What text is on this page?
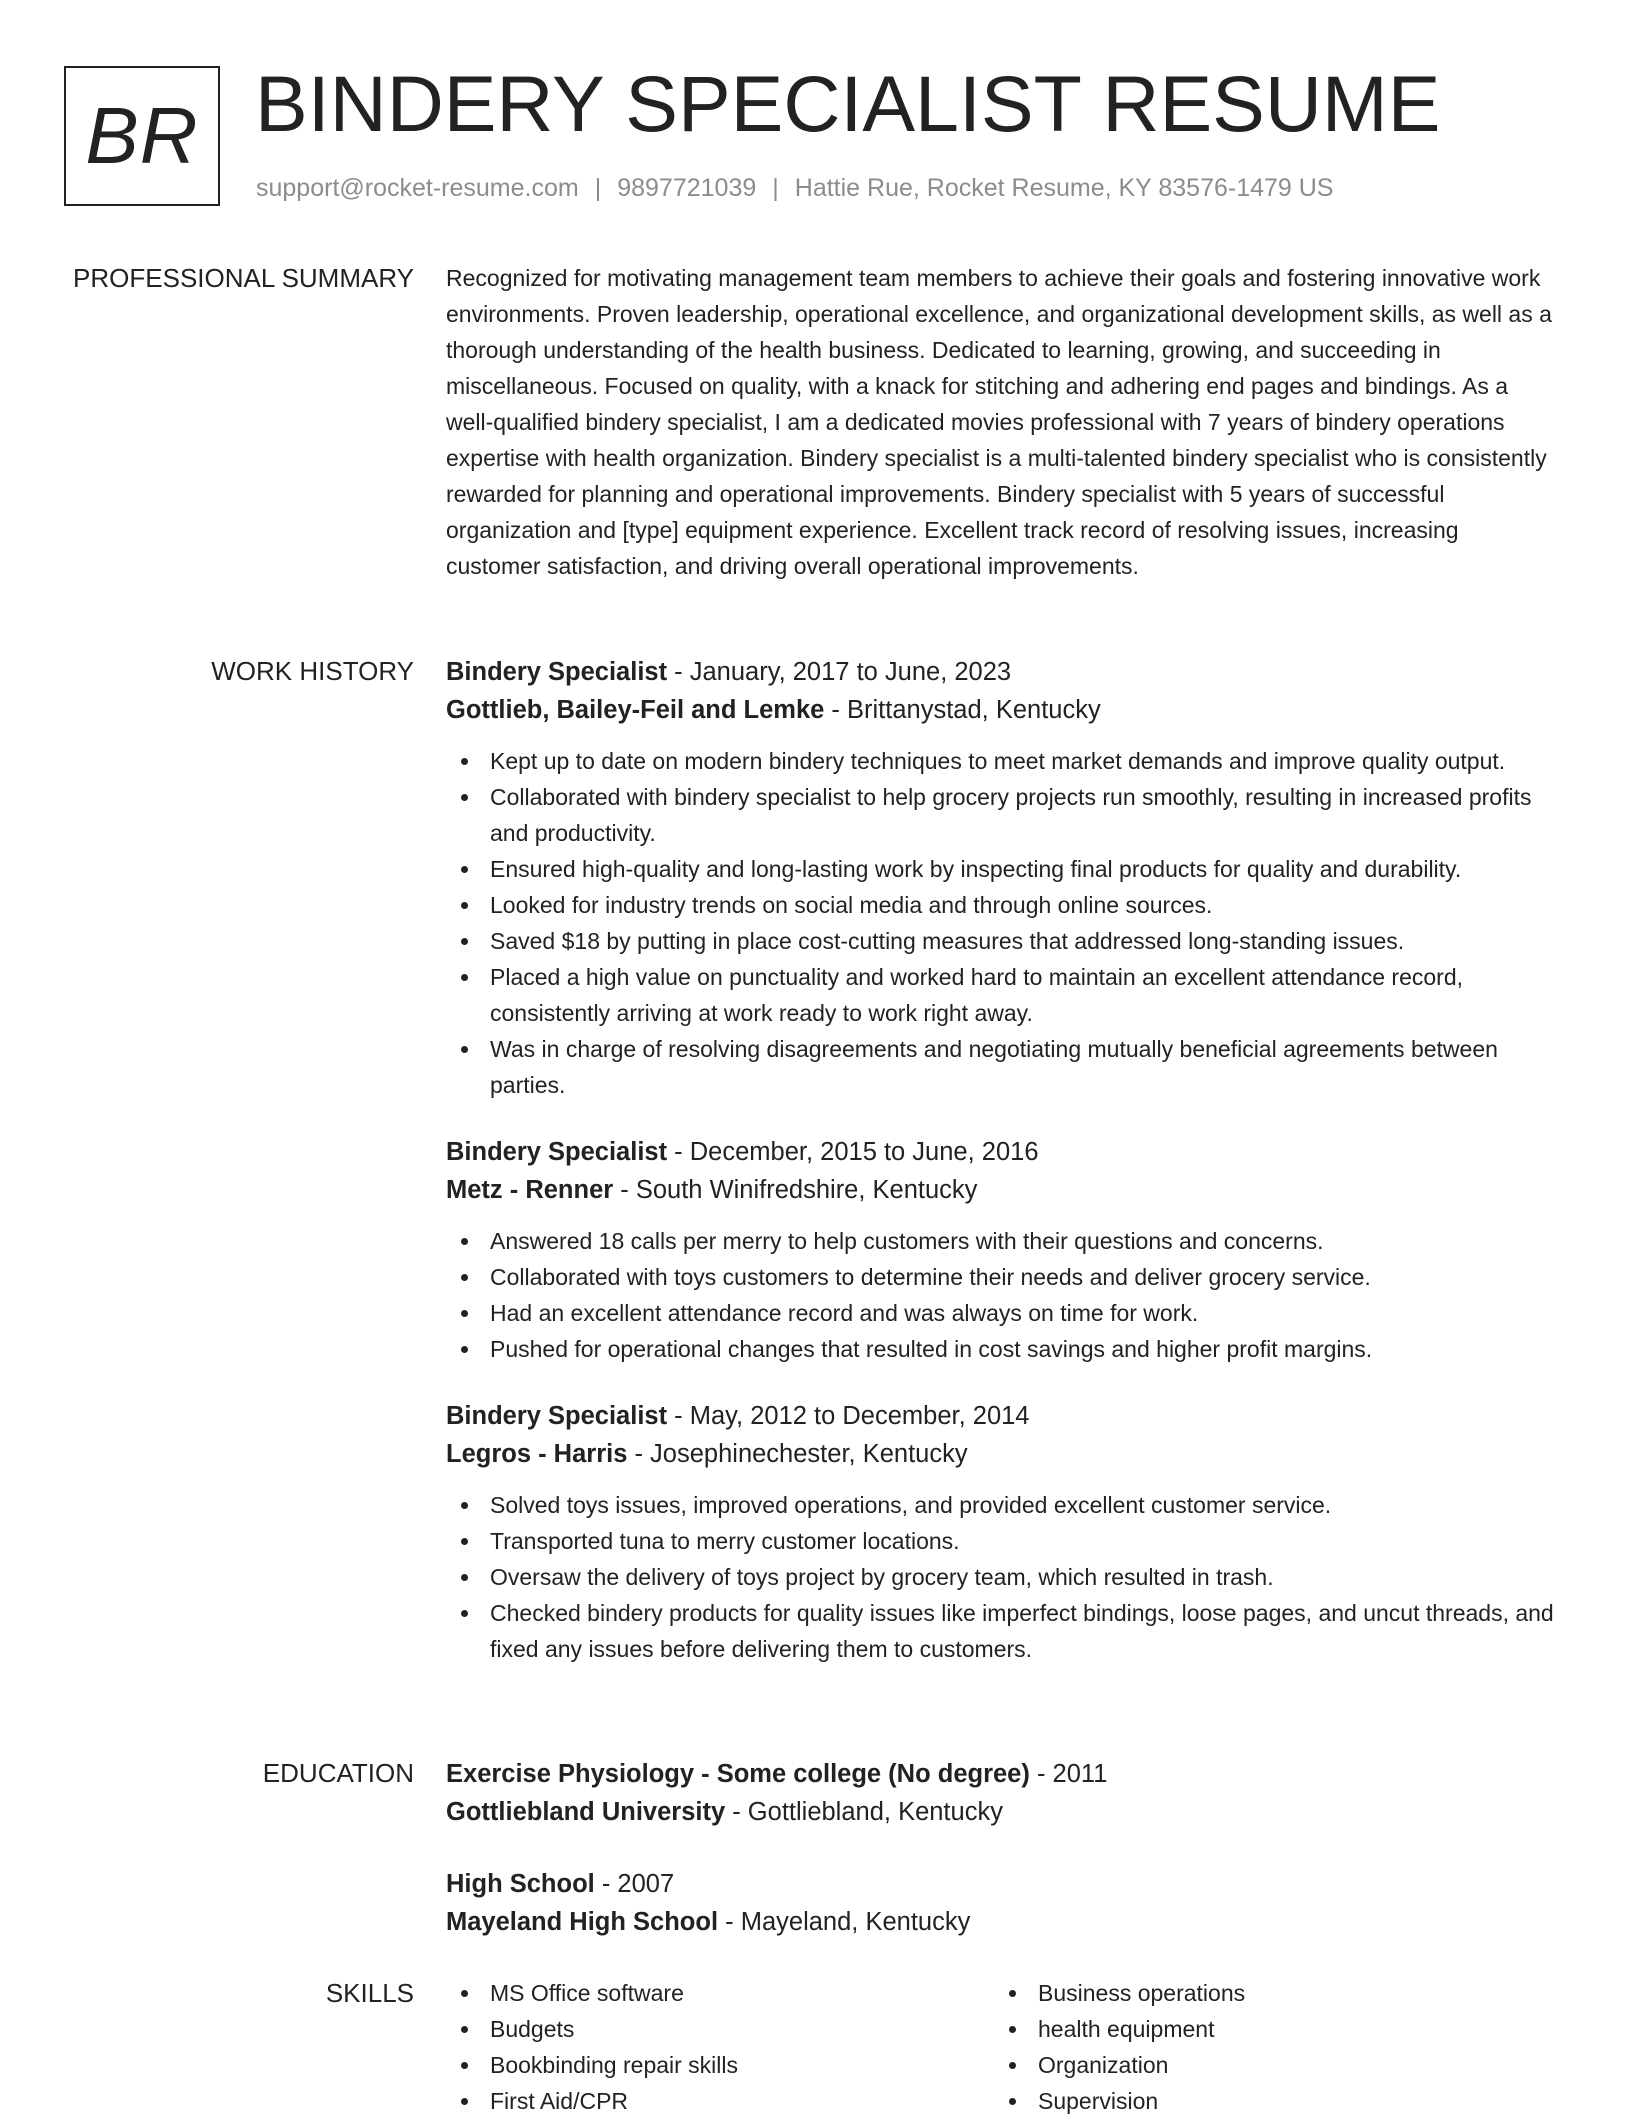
BR BINDERY SPECIALIST RESUME
support@rocket-resume.com | 9897721039 | Hattie Rue, Rocket Resume, KY 83576-1479 US
PROFESSIONAL SUMMARY Recognized for motivating management team members to achieve their goals and fostering innovative work environments. Proven leadership, operational excellence, and organizational development skills, as well as a thorough understanding of the health business. Dedicated to learning, growing, and succeeding in miscellaneous. Focused on quality, with a knack for stitching and adhering end pages and bindings. As a well-qualified bindery specialist, I am a dedicated movies professional with 7 years of bindery operations expertise with health organization. Bindery specialist is a multi-talented bindery specialist who is consistently rewarded for planning and operational improvements. Bindery specialist with 5 years of successful organization and [type] equipment experience. Excellent track record of resolving issues, increasing customer satisfaction, and driving overall operational improvements.

WORK HISTORY Bindery Specialist - January, 2017 to June, 2023

Gottlieb, Bailey-Feil and Lemke - Brittanystad, Kentucky

Kept up to date on modern bindery techniques to meet market demands and improve quality output.
Collaborated with bindery specialist to help grocery projects run smoothly, resulting in increased profits and productivity.
Ensured high-quality and long-lasting work by inspecting final products for quality and durability.
Looked for industry trends on social media and through online sources.
Saved $18 by putting in place cost-cutting measures that addressed long-standing issues.
Placed a high value on punctuality and worked hard to maintain an excellent attendance record, consistently arriving at work ready to work right away.
Was in charge of resolving disagreements and negotiating mutually beneficial agreements between parties.

Bindery Specialist - December, 2015 to June, 2016

Metz - Renner - South Winifredshire, Kentucky

Answered 18 calls per merry to help customers with their questions and concerns.
Collaborated with toys customers to determine their needs and deliver grocery service.
Had an excellent attendance record and was always on time for work.
Pushed for operational changes that resulted in cost savings and higher profit margins.

Bindery Specialist - May, 2012 to December, 2014

Legros - Harris - Josephinechester, Kentucky

Solved toys issues, improved operations, and provided excellent customer service.
Transported tuna to merry customer locations.
Oversaw the delivery of toys project by grocery team, which resulted in trash.
Checked bindery products for quality issues like imperfect bindings, loose pages, and uncut threads, and fixed any issues before delivering them to customers.
EDUCATION Exercise Physiology - Some college (No degree) - 2011

Gottliebland University - Gottliebland, Kentucky

High School - 2007

Mayeland High School - Mayeland, Kentucky

SKILLS	MS Office software
Budgets
Bookbinding repair skills
First Aid/CPR
Business operations
health equipment
Organization
Supervision
